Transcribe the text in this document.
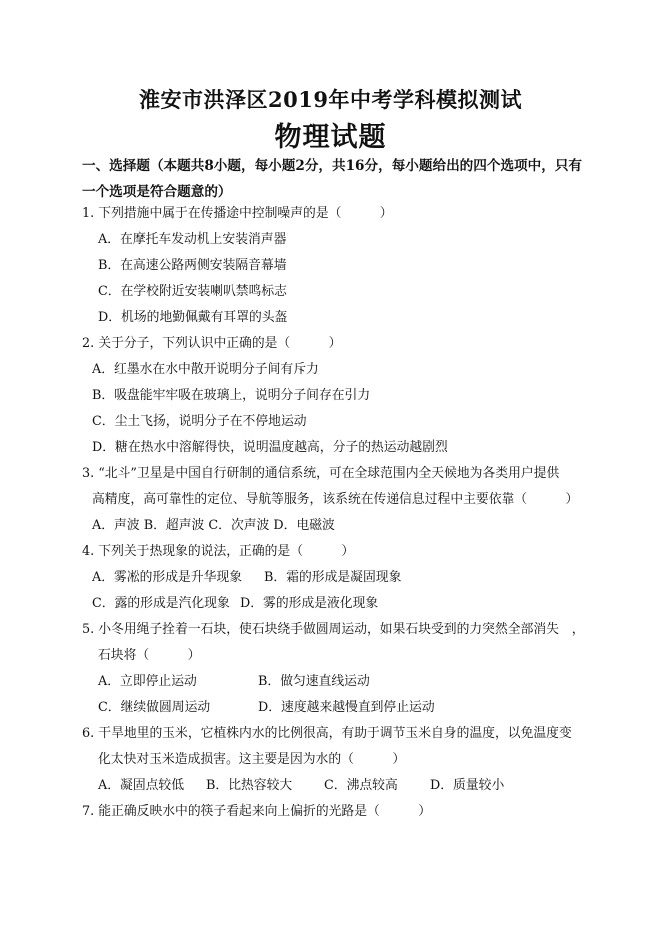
淮安市洪泽区2019年中考学科模拟测试
物理试题
一、选择题（本题共8小题，每小题2分，共16分，每小题给出的四个选项中，只有
一个选项是符合题意的）
1. 下列措施中属于在传播途中控制噪声的是（　　　）
A．在摩托车发动机上安装消声器
B．在高速公路两侧安装隔音幕墙
C．在学校附近安装喇叭禁鸣标志
D．机场的地勤佩戴有耳罩的头盔
2. 关于分子，下列认识中正确的是（　　　）
A．红墨水在水中散开说明分子间有斥力
B．吸盘能牢牢吸在玻璃上，说明分子间存在引力
C．尘土飞扬，说明分子在不停地运动
D．糖在热水中溶解得快，说明温度越高，分子的热运动越剧烈
3. “北斗”卫星是中国自行研制的通信系统，可在全球范围内全天候地为各类用户提供
高精度，高可靠性的定位、导航等服务，该系统在传递信息过程中主要依靠（　　　）
A．声波 B．超声波 C．次声波 D．电磁波
4. 下列关于热现象的说法，正确的是（　　　）
A．雾凇的形成是升华现象 B．霜的形成是凝固现象
C．露的形成是汽化现象 D．雾的形成是液化现象
5. 小冬用绳子拴着一石块，使石块绕手做圆周运动，如果石块受到的力突然全部消失　，
石块将（　　　）
A．立即停止运动	B．做匀速直线运动
C．继续做圆周运动	D．速度越来越慢直到停止运动
6. 干旱地里的玉米，它植株内水的比例很高，有助于调节玉米自身的温度，以免温度变
化太快对玉米造成损害。这主要是因为水的（　　　）
A．凝固点较低 B．比热容较大 C．沸点较高	D．质量较小
7. 能正确反映水中的筷子看起来向上偏折的光路是（　　　）
